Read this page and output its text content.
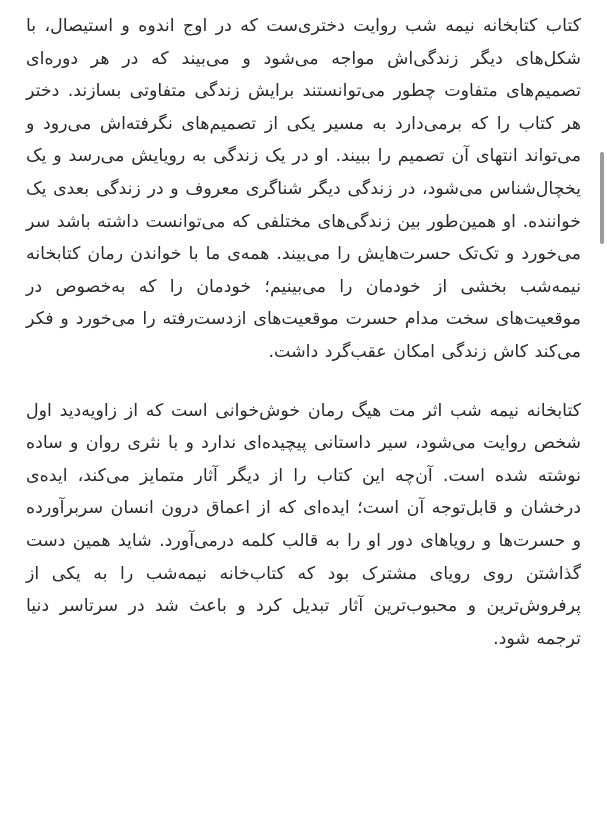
کتاب کتابخانه نیمه شب روایت دختری‌ست که در اوج اندوه و استیصال، با شکل‌های دیگر زندگی‌اش مواجه می‌شود و می‌بیند که در هر دوره‌ای تصمیم‌های متفاوت چطور می‌توانستند برایش زندگی متفاوتی بسازند. دختر هر کتاب را که برمی‌دارد به مسیر یکی از تصمیم‌های نگرفته‌اش می‌رود و می‌تواند انتهای آن تصمیم را ببیند. او در یک زندگی به رویایش می‌رسد و یک یخچال‌شناس می‌شود، در زندگی دیگر شناگری معروف و در زندگی بعدی یک خواننده. او همین‌طور بین زندگی‌های مختلفی که می‌توانست داشته باشد سر می‌خورد و تک‌تک حسرت‌هایش را می‌بیند. همه‌ی ما با خواندن رمان کتابخانه نیمه‌شب بخشی از خودمان را می‌بینیم؛ خودمان را که به‌خصوص در موقعیت‌های سخت مدام حسرت موقعیت‌های ازدست‌رفته را می‌خورد و فکر می‌کند کاش زندگی امکان عقب‌گرد داشت.

کتابخانه نیمه شب اثر مت هیگ رمان خوش‌خوانی است که از زاویه‌دید اول شخص روایت می‌شود، سیر داستانی پیچیده‌ای ندارد و با نثری روان و ساده نوشته شده است. آن‌چه این کتاب را از دیگر آثار متمایز می‌کند، ایده‌ی درخشان و قابل‌توجه آن است؛ ایده‌ای که از اعماق درون انسان سربرآورده و حسرت‌ها و رویاهای دور او را به قالب کلمه درمی‌آورد. شاید همین دست گذاشتن روی رویای مشترک بود که کتاب‌خانه نیمه‌شب را به یکی از پرفروش‌ترین و محبوب‌ترین آثار تبدیل کرد و باعث شد در سرتاسر دنیا ترجمه شود.
